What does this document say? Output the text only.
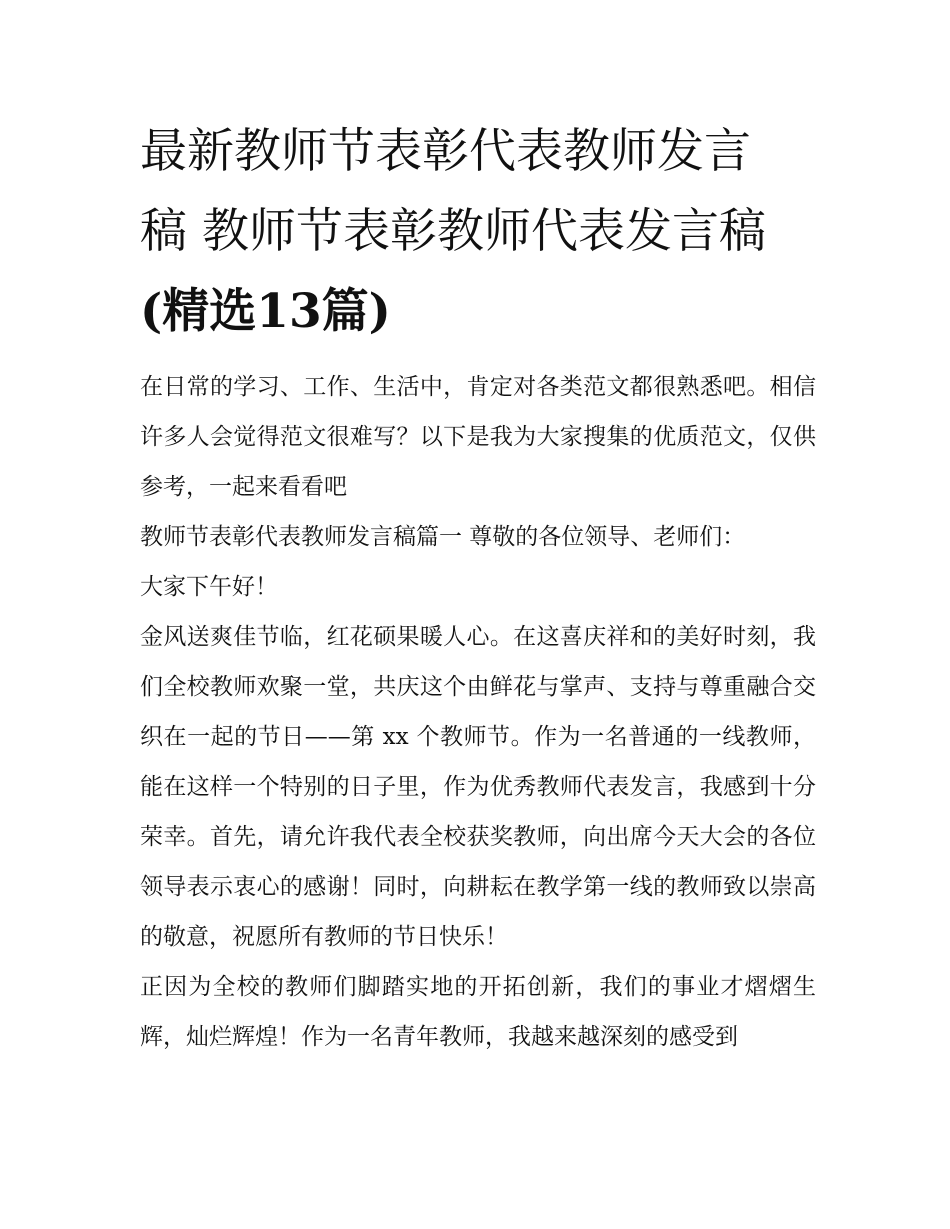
最新教师节表彰代表教师发言
稿 教师节表彰教师代表发言稿
(精选13篇)

在日常的学习、工作、生活中，肯定对各类范文都很熟悉吧。相信许多人会觉得范文很难写？以下是我为大家搜集的优质范文，仅供参考，一起来看看吧

教师节表彰代表教师发言稿篇一 尊敬的各位领导、老师们：

大家下午好！

金风送爽佳节临，红花硕果暖人心。在这喜庆祥和的美好时刻，我们全校教师欢聚一堂，共庆这个由鲜花与掌声、支持与尊重融合交织在一起的节日——第 xx 个教师节。作为一名普通的一线教师，能在这样一个特别的日子里，作为优秀教师代表发言，我感到十分荣幸。首先，请允许我代表全校获奖教师，向出席今天大会的各位领导表示衷心的感谢！同时，向耕耘在教学第一线的教师致以崇高的敬意，祝愿所有教师的节日快乐！

正因为全校的教师们脚踏实地的开拓创新，我们的事业才熠熠生辉，灿烂辉煌！作为一名青年教师，我越来越深刻的感受到
